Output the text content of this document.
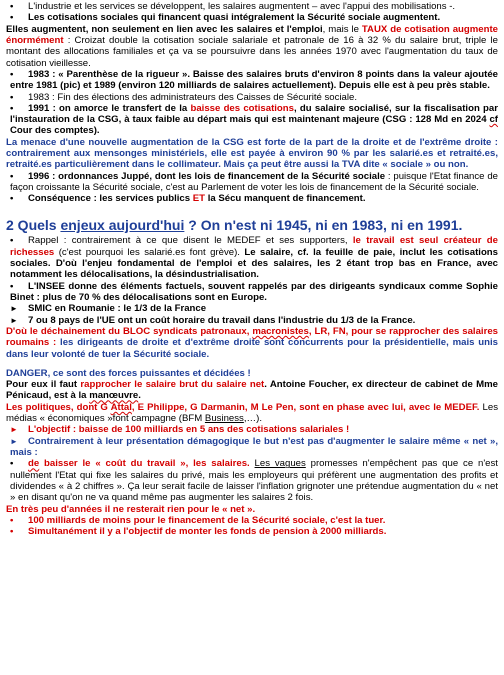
• L'industrie et les services se développent, les salaires augmentent – avec l'appui des mobilisations -.

• Les cotisations sociales qui financent quasi intégralement la Sécurité sociale augmentent.

Elles augmentent, non seulement en lien avec les salaires et l'emploi, mais le TAUX de cotisation augmente énormément : Croizat double la cotisation sociale salariale et patronale de 16 à 32 % du salaire brut, triple le montant des allocations familiales et ça va se poursuivre dans les années 1970 avec l'augmentation du taux de cotisation vieillesse.

• 1983 : « Parenthèse de la rigueur ». Baisse des salaires bruts d'environ 8 points dans la valeur ajoutée entre 1981 (pic) et 1989 (environ 120 milliards de salaires actuellement). Depuis elle est à peu près stable.

• 1983 : Fin des élections des administrateurs des Caisses de Sécurité sociale.

• 1991 : on amorce le transfert de la baisse des cotisations, du salaire socialisé, sur la fiscalisation par l'instauration de la CSG, à taux faible au départ mais qui est maintenant majeure (CSG : 128 Md en 2024 cf Cour des comptes).

La menace d'une nouvelle augmentation de la CSG est forte de la part de la droite et de l'extrême droite : contrairement aux mensonges ministériels, elle est payée à environ 90 % par les salarié.es et retraité.es, retraité.es particulièrement dans le collimateur. Mais ça peut être aussi la TVA dite « sociale » ou non.

• 1996 : ordonnances Juppé, dont les lois de financement de la Sécurité sociale : puisque l'Etat finance de façon croissante la Sécurité sociale, c'est au Parlement de voter les lois de financement de la Sécurité sociale.

• Conséquence : les services publics ET la Sécu manquent de financement.

2 Quels enjeux aujourd'hui ? On n'est ni 1945, ni en 1983, ni en 1991.

• Rappel : contrairement à ce que disent le MEDEF et ses supporters, le travail est seul créateur de richesses (c'est pourquoi les salarié.es font grève). Le salaire, cf. la feuille de paie, inclut les cotisations sociales. D'où l'enjeu fondamental de l'emploi et des salaires, les 2 étant trop bas en France, avec notamment les délocalisations, la désindustrialisation.

• L'INSEE donne des éléments factuels, souvent rappelés par des dirigeants syndicaux comme Sophie Binet : plus de 70 % des délocalisations sont en Europe.

► SMIC en Roumanie : le 1/3 de la France

► 7 ou 8 pays de l'UE ont un coût horaire du travail dans l'industrie du 1/3 de la France.

D'où le déchainement du BLOC syndicats patronaux, macronistes, LR, FN, pour se rapprocher des salaires roumains : les dirigeants de droite et d'extrême droite sont concurrents pour la présidentielle, mais unis dans leur volonté de tuer la Sécurité sociale.

DANGER, ce sont des forces puissantes et décidées !

Pour eux il faut rapprocher le salaire brut du salaire net. Antoine Foucher, ex directeur de cabinet de Mme Pénicaud, est à la manœuvre.

Les politiques, dont G Attal, E Philippe, G Darmanin, M Le Pen, sont en phase avec lui, avec le MEDEF. Les médias « économiques »font campagne (BFM Business,…).

► L'objectif : baisse de 100 milliards en 5 ans des cotisations salariales !

► Contrairement à leur présentation démagogique le but n'est pas d'augmenter le salaire même « net », mais :

• de baisser le « coût du travail », les salaires. Les vagues promesses n'empêchent pas que ce n'est nullement l'Etat qui fixe les salaires du privé, mais les employeurs qui préfèrent une augmentation des profits et dividendes « à 2 chiffres ». Ça leur serait facile de laisser l'inflation grignoter une prétendue augmentation du « net » en disant qu'on ne va quand même pas augmenter les salaires 2 fois.

En très peu d'années il ne resterait rien pour le « net ».

• 100 milliards de moins pour le financement de la Sécurité sociale, c'est la tuer.

• Simultanément il y a l'objectif de monter les fonds de pension à 2000 milliards.
